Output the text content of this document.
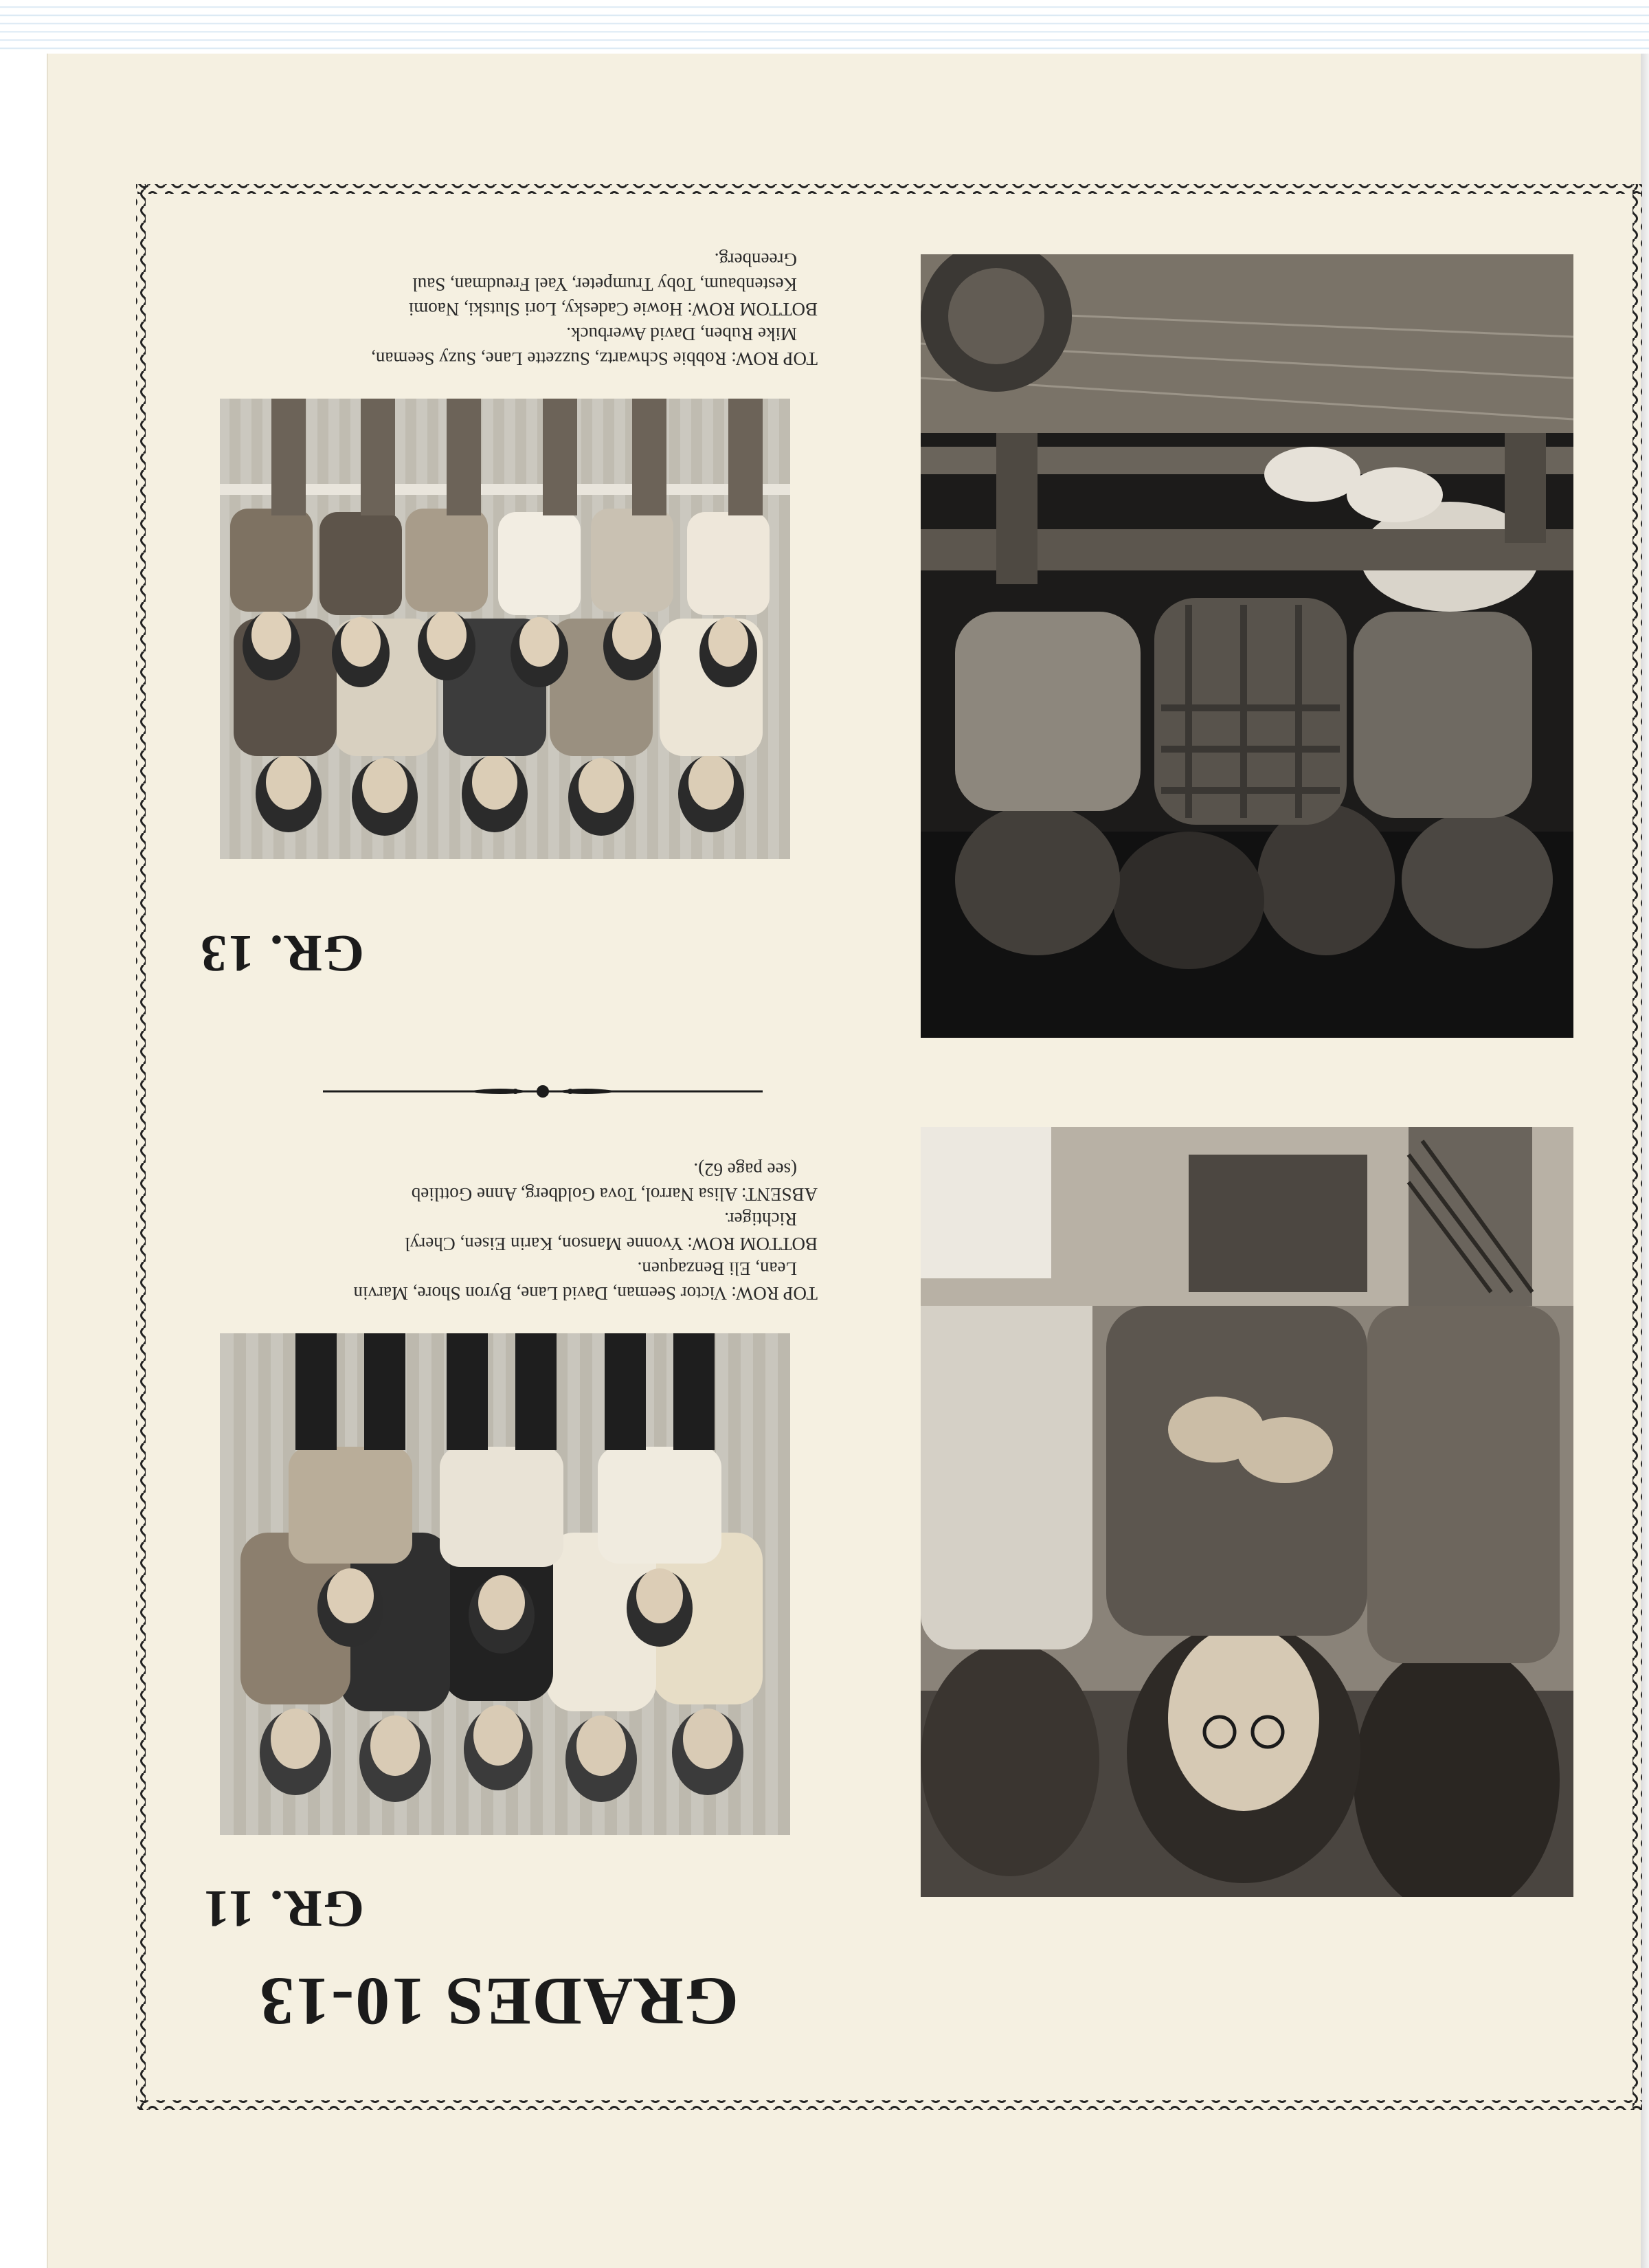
GRADES 10-13
GR. 11

TOP ROW: Victor Seeman, David Lane, Byron Shore, Marvin

Lean, Eli Benzaquen.

BOTTOM ROW: Yvonne Manson, Karin Eisen, Cheryl

Richtiger.

ABSENT: Alisa Narrol, Tova Goldberg, Anne Gottlieb

(see page 62).

GR. 13

TOP ROW: Robbie Schwartz, Suzzette Lane, Suzy Seeman,

Mike Ruben, David Awerbuck.

BOTTOM ROW: Howie Cadesky, Lori Slutski, Naomi

Kestenbaum, Toby Trumpeter, Yael Freudman, Saul

Greenberg.
